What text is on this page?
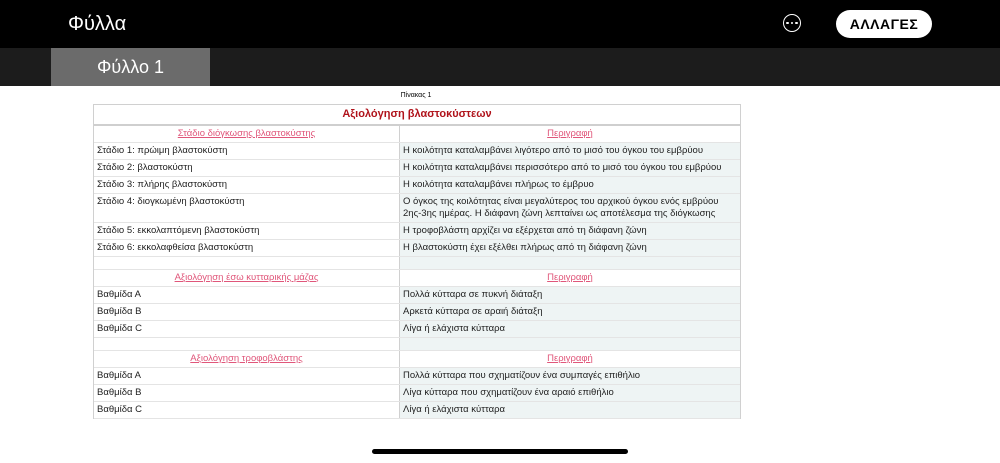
Φύλλα	ΑΛΛΑΓΕΣ
Φύλλο 1
Πίνακας 1
Αξιολόγηση βλαστοκύστεων
Στάδιο διόγκωσης βλαστοκύστης	Περιγραφή
Στάδιο 1: πρώιμη βλαστοκύστη	Η κοιλότητα καταλαμβάνει λιγότερο από το μισό του όγκου του εμβρύου
Στάδιο 2: βλαστοκύστη	Η κοιλότητα καταλαμβάνει περισσότερο από το μισό του όγκου του εμβρύου
Στάδιο 3: πλήρης βλαστοκύστη	Η κοιλότητα καταλαμβάνει πλήρως το έμβρυο
Στάδιο 4: διογκωμένη βλαστοκύστη	Ο όγκος της κοιλότητας είναι μεγαλύτερος του αρχικού όγκου ενός εμβρύου 2ης-3ης ημέρας. Η διάφανη ζώνη λεπταίνει ως αποτέλεσμα της διόγκωσης
Στάδιο 5: εκκολαπτόμενη βλαστοκύστη	Η τροφοβλάστη αρχίζει να εξέρχεται από τη διάφανη ζώνη
Στάδιο 6: εκκολαφθείσα βλαστοκύστη	Η βλαστοκύστη έχει εξέλθει πλήρως από τη διάφανη ζώνη
Αξιολόγηση έσω κυτταρικής μάζας	Περιγραφή
Βαθμίδα Α	Πολλά κύτταρα σε πυκνή διάταξη
Βαθμίδα Β	Αρκετά κύτταρα σε αραιή διάταξη
Βαθμίδα C	Λίγα ή ελάχιστα κύτταρα
Αξιολόγηση τροφοβλάστης	Περιγραφή
Βαθμίδα Α	Πολλά κύτταρα που σχηματίζουν ένα συμπαγές επιθήλιο
Βαθμίδα Β	Λίγα κύτταρα που σχηματίζουν ένα αραιό επιθήλιο
Βαθμίδα C	Λίγα ή ελάχιστα κύτταρα
